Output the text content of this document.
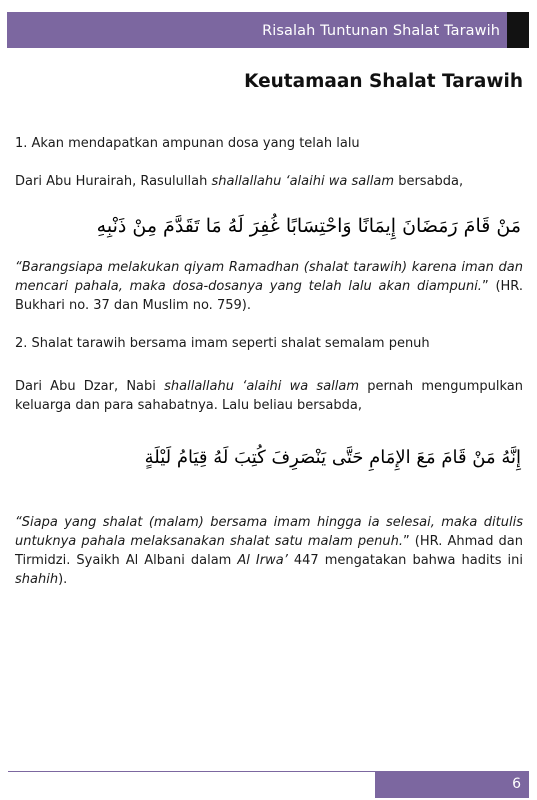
Risalah Tuntunan Shalat Tarawih
Keutamaan Shalat Tarawih

1. Akan mendapatkan ampunan dosa yang telah lalu

Dari Abu Hurairah, Rasulullah shallallahu ‘alaihi wa sallam bersabda,

مَنْ قَامَ رَمَضَانَ إِيمَانًا وَاحْتِسَابًا غُفِرَ لَهُ مَا تَقَدَّمَ مِنْ ذَنْبِهِ

“Barangsiapa melakukan qiyam Ramadhan (shalat tarawih) karena iman dan mencari pahala, maka dosa-dosanya yang telah lalu akan diampuni.” (HR. Bukhari no. 37 dan Muslim no. 759).

2. Shalat tarawih bersama imam seperti shalat semalam penuh

Dari Abu Dzar, Nabi shallallahu ‘alaihi wa sallam pernah mengumpulkan keluarga dan para sahabatnya. Lalu beliau bersabda,

إِنَّهُ مَنْ قَامَ مَعَ الإِمَامِ حَتَّى يَنْصَرِفَ كُتِبَ لَهُ قِيَامُ لَيْلَةٍ

“Siapa yang shalat (malam) bersama imam hingga ia selesai, maka ditulis untuknya pahala melaksanakan shalat satu malam penuh.” (HR. Ahmad dan Tirmidzi. Syaikh Al Albani dalam Al Irwa’ 447 mengatakan bahwa hadits ini shahih).

6
